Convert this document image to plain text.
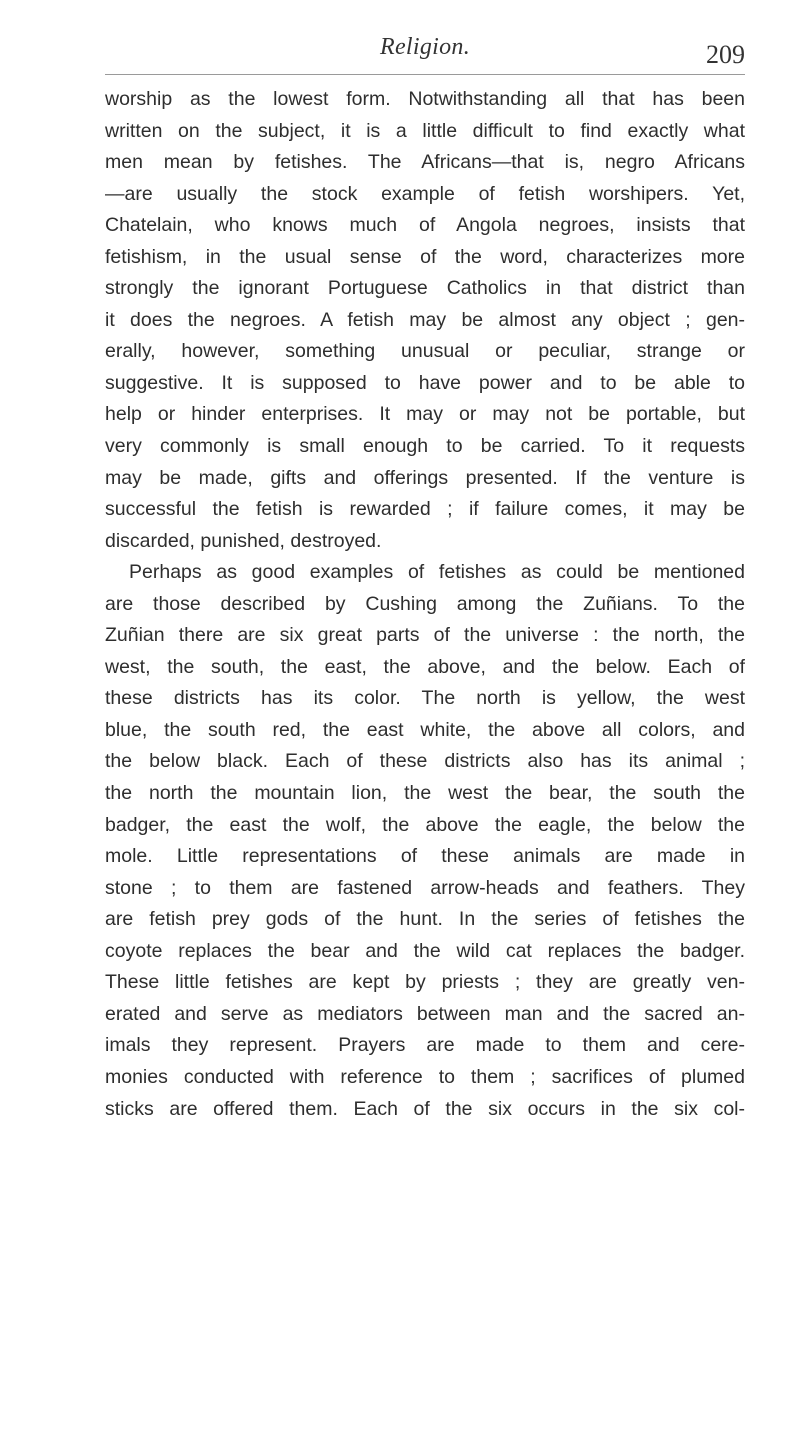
Religion.	209
worship as the lowest form. Notwithstanding all that has been
written on the subject, it is a little difficult to find exactly what
men mean by fetishes. The Africans—that is, negro Africans
—are usually the stock example of fetish worshipers. Yet,
Chatelain, who knows much of Angola negroes, insists that
fetishism, in the usual sense of the word, characterizes more
strongly the ignorant Portuguese Catholics in that district than
it does the negroes. A fetish may be almost any object ; gen-
erally, however, something unusual or peculiar, strange or
suggestive. It is supposed to have power and to be able to
help or hinder enterprises. It may or may not be portable, but
very commonly is small enough to be carried. To it requests
may be made, gifts and offerings presented. If the venture is
successful the fetish is rewarded ; if failure comes, it may be
discarded, punished, destroyed.
Perhaps as good examples of fetishes as could be mentioned
are those described by Cushing among the Zuñians. To the
Zuñian there are six great parts of the universe : the north, the
west, the south, the east, the above, and the below. Each of
these districts has its color. The north is yellow, the west
blue, the south red, the east white, the above all colors, and
the below black. Each of these districts also has its animal ;
the north the mountain lion, the west the bear, the south the
badger, the east the wolf, the above the eagle, the below the
mole. Little representations of these animals are made in
stone ; to them are fastened arrow-heads and feathers. They
are fetish prey gods of the hunt. In the series of fetishes the
coyote replaces the bear and the wild cat replaces the badger.
These little fetishes are kept by priests ; they are greatly ven-
erated and serve as mediators between man and the sacred an-
imals they represent. Prayers are made to them and cere-
monies conducted with reference to them ; sacrifices of plumed
sticks are offered them. Each of the six occurs in the six col-
